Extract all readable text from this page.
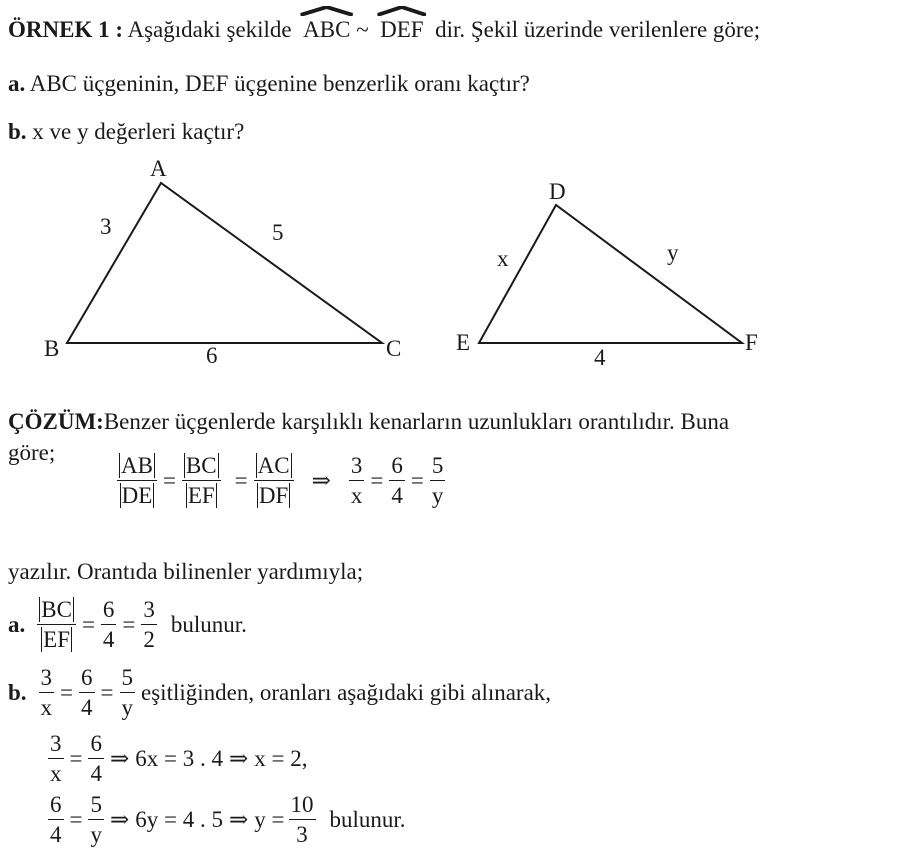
ÖRNEK 1 : Aşağıdaki şekilde ABC ~ DEF dir. Şekil üzerinde verilenlere göre;
a. ABC üçgeninin, DEF üçgenine benzerlik oranı kaçtır?
b. x ve y değerleri kaçtır?
A
B	C
3	5
6
D
E	F
x	y
4
ÇÖZÜM:Benzer üçgenlerde karşılıklı kenarların uzunlukları orantılıdır. Buna
göre;
$\frac{AB}{DE} = \frac{BC}{EF} = \frac{AC}{DF}$ ⇒ $\frac{3}{x} = \frac{6}{4} = \frac{5}{y}$
yazılır. Orantıda bilinenler yardımıyla;
a. $\frac{BC}{EF} = \frac{6}{4} = \frac{3}{2}$ bulunur.
b. $\frac{3}{x} = \frac{6}{4} = \frac{5}{y}$ eşitliğinden, oranları aşağıdaki gibi alınarak,
$\frac{3}{x} = \frac{6}{4}$ ⇒ 6x = 3 . 4 ⇒ x = 2,
$\frac{6}{4} = \frac{5}{y}$ ⇒ 6y = 4 . 5 ⇒ $y = \frac{10}{3}$ bulunur.
